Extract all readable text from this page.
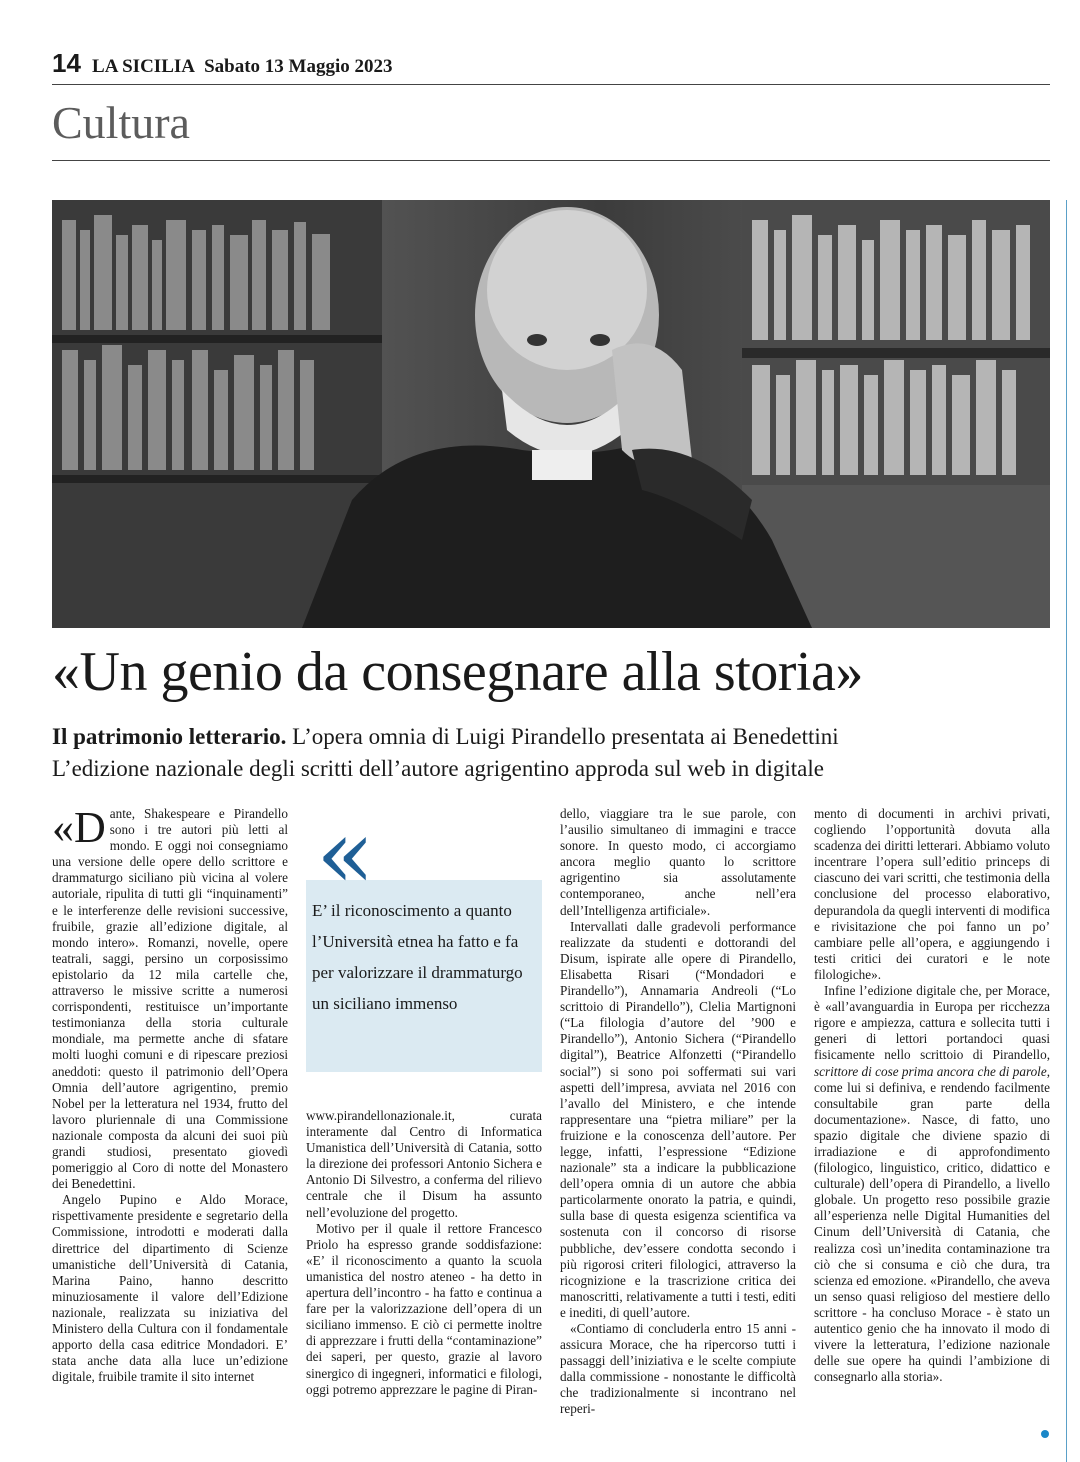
14 LA SICILIA Sabato 13 Maggio 2023
Cultura
«Un genio da consegnare alla storia»
Il patrimonio letterario. L’opera omnia di Luigi Pirandello presentata ai Benedettini
L’edizione nazionale degli scritti dell’autore agrigentino approda sul web in digitale

«Dante, Shakespeare e Pirandello sono i tre autori più letti al mondo. E oggi noi consegniamo una versione delle opere dello scrittore e drammaturgo siciliano più vicina al volere autoriale, ripulita di tutti gli “inquinamenti” e le interferenze delle revisioni successive, fruibile, grazie all’edizione digitale, al mondo intero». Romanzi, novelle, opere teatrali, saggi, persino un corposissimo epistolario da 12 mila cartelle che, attraverso le missive scritte a numerosi corrispondenti, restituisce un’importante testimonianza della storia culturale mondiale, ma permette anche di sfatare molti luoghi comuni e di ripescare preziosi aneddoti: questo il patrimonio dell’Opera Omnia dell’autore agrigentino, premio Nobel per la letteratura nel 1934, frutto del lavoro pluriennale di una Commissione nazionale composta da alcuni dei suoi più grandi studiosi, presentato giovedì pomeriggio al Coro di notte del Monastero dei Benedettini.

Angelo Pupino e Aldo Morace, rispettivamente presidente e segretario della Commissione, introdotti e moderati dalla direttrice del dipartimento di Scienze umanistiche dell’Università di Catania, Marina Paino, hanno descritto minuziosamente il valore dell’Edizione nazionale, realizzata su iniziativa del Ministero della Cultura con il fondamentale apporto della casa editrice Mondadori. E’ stata anche data alla luce un’edizione digitale, fruibile tramite il sito internet

«
E’ il riconoscimento a quanto l’Università etnea ha fatto e fa per valorizzare il drammaturgo un siciliano immenso

www.pirandellonazionale.it, curata interamente dal Centro di Informatica Umanistica dell’Università di Catania, sotto la direzione dei professori Antonio Sichera e Antonio Di Silvestro, a conferma del rilievo centrale che il Disum ha assunto nell’evoluzione del progetto.

Motivo per il quale il rettore Francesco Priolo ha espresso grande soddisfazione: «E’ il riconoscimento a quanto la scuola umanistica del nostro ateneo - ha detto in apertura dell’incontro - ha fatto e continua a fare per la valorizzazione dell’opera di un siciliano immenso. E ciò ci permette inoltre di apprezzare i frutti della “contaminazione” dei saperi, per questo, grazie al lavoro sinergico di ingegneri, informatici e filologi, oggi potremo apprezzare le pagine di Piran-

dello, viaggiare tra le sue parole, con l’ausilio simultaneo di immagini e tracce sonore. In questo modo, ci accorgiamo ancora meglio quanto lo scrittore agrigentino sia assolutamente contemporaneo, anche nell’era dell’Intelligenza artificiale».

Intervallati dalle gradevoli performance realizzate da studenti e dottorandi del Disum, ispirate alle opere di Pirandello, Elisabetta Risari (“Mondadori e Pirandello”), Annamaria Andreoli (“Lo scrittoio di Pirandello”), Clelia Martignoni (“La filologia d’autore del ’900 e Pirandello”), Antonio Sichera (“Pirandello digital”), Beatrice Alfonzetti (“Pirandello social”) si sono poi soffermati sui vari aspetti dell’impresa, avviata nel 2016 con l’avallo del Ministero, e che intende rappresentare una “pietra miliare” per la fruizione e la conoscenza dell’autore. Per legge, infatti, l’espressione “Edizione nazionale” sta a indicare la pubblicazione dell’opera omnia di un autore che abbia particolarmente onorato la patria, e quindi, sulla base di questa esigenza scientifica va sostenuta con il concorso di risorse pubbliche, dev’essere condotta secondo i più rigorosi criteri filologici, attraverso la ricognizione e la trascrizione critica dei manoscritti, relativamente a tutti i testi, editi e inediti, di quell’autore.

«Contiamo di concluderla entro 15 anni - assicura Morace, che ha ripercorso tutti i passaggi dell’iniziativa e le scelte compiute dalla commissione - nonostante le difficoltà che tradizionalmente si incontrano nel reperi-

mento di documenti in archivi privati, cogliendo l’opportunità dovuta alla scadenza dei diritti letterari. Abbiamo voluto incentrare l’opera sull’editio princeps di ciascuno dei vari scritti, che testimonia della conclusione del processo elaborativo, depurandola da quegli interventi di modifica e rivisitazione che poi fanno un po’ cambiare pelle all’opera, e aggiungendo i testi critici dei curatori e le note filologiche».

Infine l’edizione digitale che, per Morace, è «all’avanguardia in Europa per ricchezza rigore e ampiezza, cattura e sollecita tutti i generi di lettori portandoci quasi fisicamente nello scrittoio di Pirandello, scrittore di cose prima ancora che di parole, come lui si definiva, e rendendo facilmente consultabile gran parte della documentazione». Nasce, di fatto, uno spazio digitale che diviene spazio di irradiazione e di approfondimento (filologico, linguistico, critico, didattico e culturale) dell’opera di Pirandello, a livello globale. Un progetto reso possibile grazie all’esperienza nelle Digital Humanities del Cinum dell’Università di Catania, che realizza così un’inedita contaminazione tra ciò che si consuma e ciò che dura, tra scienza ed emozione. «Pirandello, che aveva un senso quasi religioso del mestiere dello scrittore - ha concluso Morace - è stato un autentico genio che ha innovato il modo di vivere la letteratura, l’edizione nazionale delle sue opere ha quindi l’ambizione di consegnarlo alla storia».
